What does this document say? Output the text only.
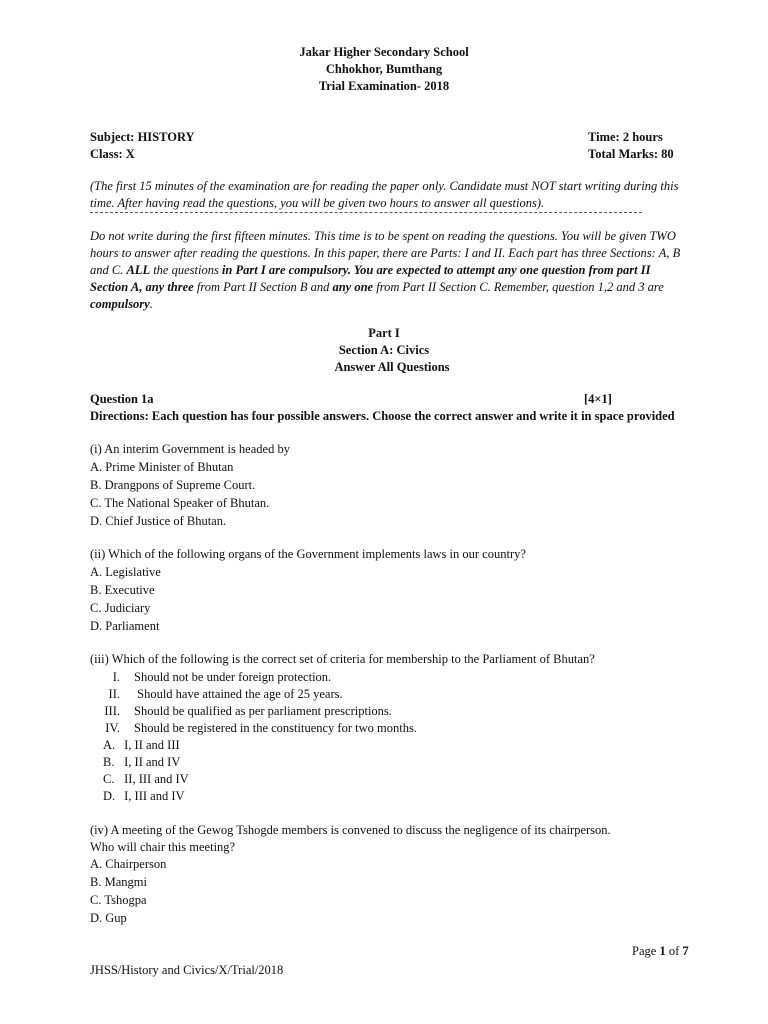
Jakar Higher Secondary School
Chhokhor, Bumthang
Trial Examination- 2018
Subject: HISTORY	Time: 2 hours
Class: X	Total Marks: 80
(The first 15 minutes of the examination are for reading the paper only. Candidate must NOT start writing during this time. After having read the questions, you will be given two hours to answer all questions).
Do not write during the first fifteen minutes. This time is to be spent on reading the questions. You will be given TWO hours to answer after reading the questions. In this paper, there are Parts: I and II. Each part has three Sections: A, B and C. ALL the questions in Part I are compulsory. You are expected to attempt any one question from part II Section A, any three from Part II Section B and any one from Part II Section C. Remember, question 1,2 and 3 are compulsory.
Part I
Section A: Civics
Answer All Questions
Question 1a	[4×1]
Directions: Each question has four possible answers. Choose the correct answer and write it in space provided
(i) An interim Government is headed by
A. Prime Minister of Bhutan
B. Drangpons of Supreme Court.
C. The National Speaker of Bhutan.
D. Chief Justice of Bhutan.
(ii) Which of the following organs of the Government implements laws in our country?
A. Legislative
B. Executive
C. Judiciary
D. Parliament
(iii) Which of the following is the correct set of criteria for membership to the Parliament of Bhutan?
I. Should not be under foreign protection.
II. Should have attained the age of 25 years.
III. Should be qualified as per parliament prescriptions.
IV. Should be registered in the constituency for two months.
A. I, II and III
B. I, II and IV
C. II, III and IV
D. I, III and IV
(iv) A meeting of the Gewog Tshogde members is convened to discuss the negligence of its chairperson.
Who will chair this meeting?
A. Chairperson
B. Mangmi
C. Tshogpa
D. Gup
Page 1 of 7
JHSS/History and Civics/X/Trial/2018
